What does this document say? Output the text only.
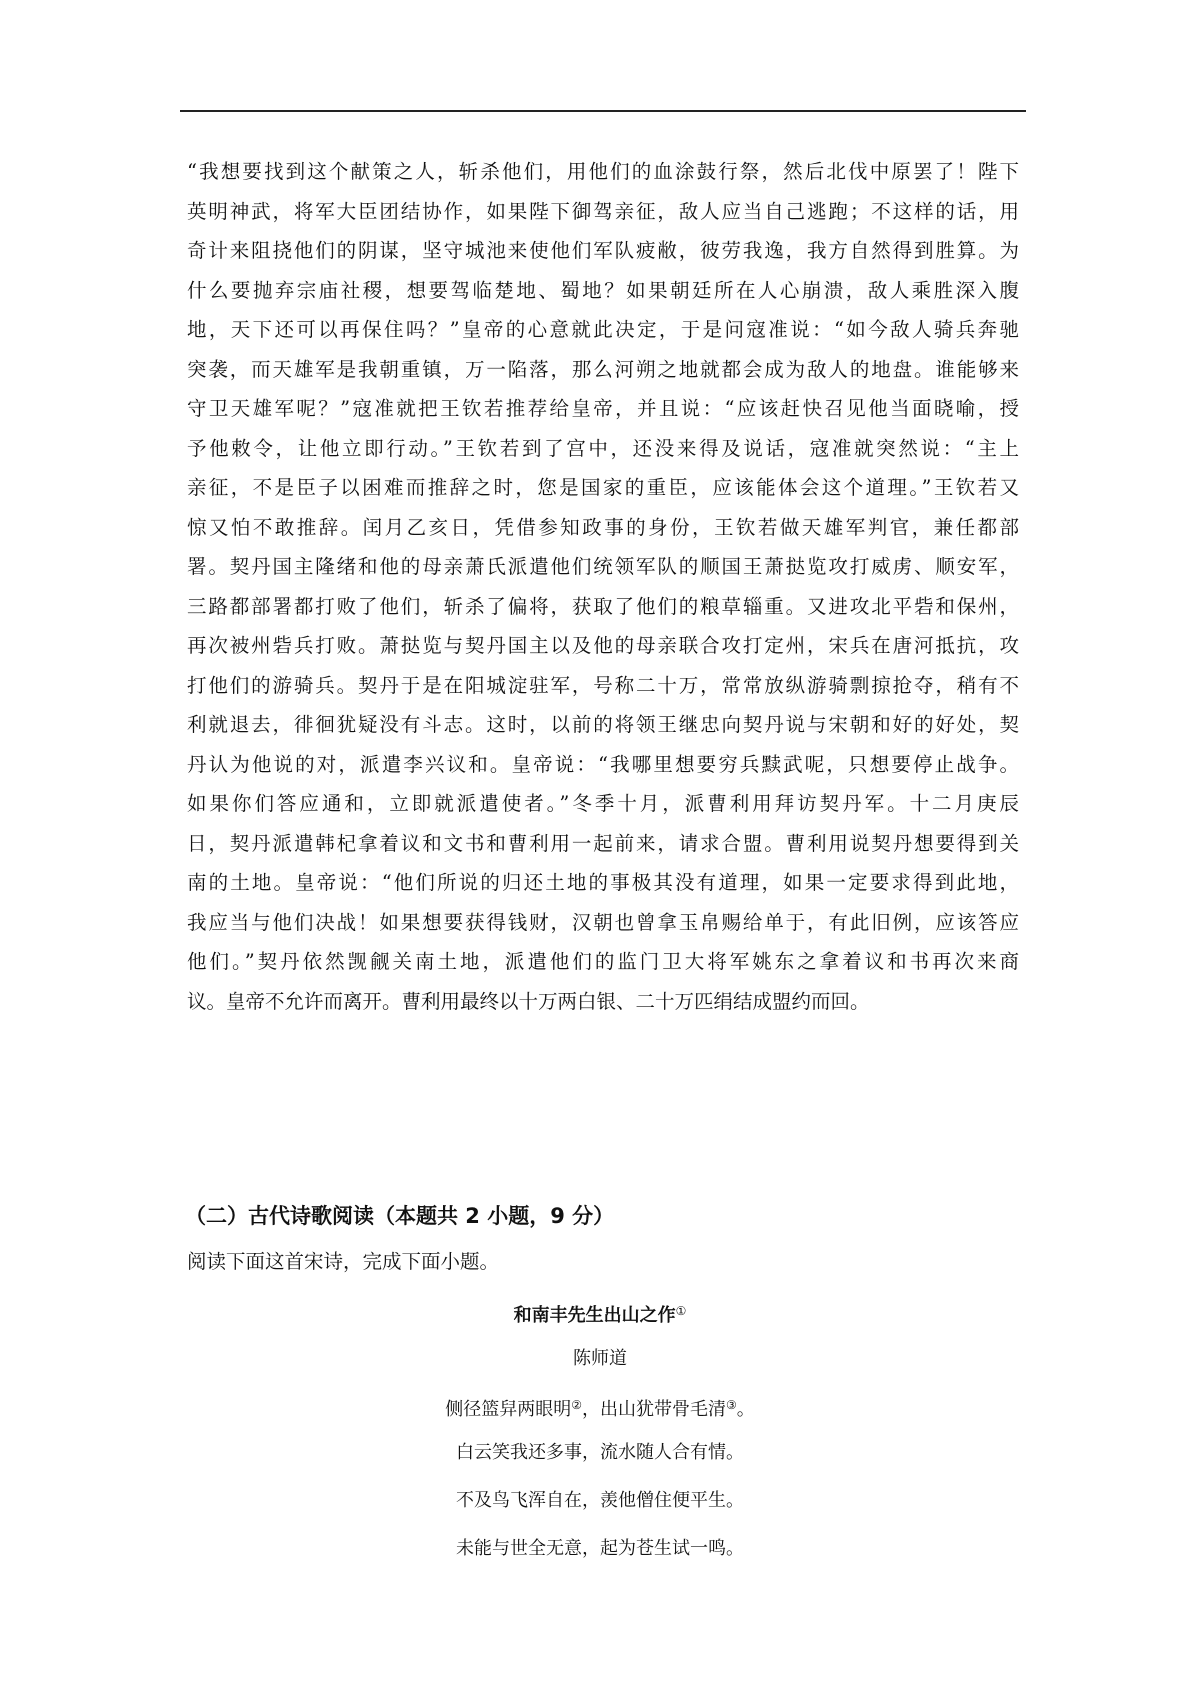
“我想要找到这个献策之人，斩杀他们，用他们的血涂鼓行祭，然后北伐中原罢了！陛下
英明神武，将军大臣团结协作，如果陛下御驾亲征，敌人应当自己逃跑；不这样的话，用
奇计来阻挠他们的阴谋，坚守城池来使他们军队疲敝，彼劳我逸，我方自然得到胜算。为
什么要抛弃宗庙社稷，想要驾临楚地、蜀地？如果朝廷所在人心崩溃，敌人乘胜深入腹
地，天下还可以再保住吗？”皇帝的心意就此决定，于是问寇准说：“如今敌人骑兵奔驰
突袭，而天雄军是我朝重镇，万一陷落，那么河朔之地就都会成为敌人的地盘。谁能够来
守卫天雄军呢？”寇准就把王钦若推荐给皇帝，并且说：“应该赶快召见他当面晓喻，授
予他敕令，让他立即行动。”王钦若到了宫中，还没来得及说话，寇准就突然说：“主上
亲征，不是臣子以困难而推辞之时，您是国家的重臣，应该能体会这个道理。”王钦若又
惊又怕不敢推辞。闰月乙亥日，凭借参知政事的身份，王钦若做天雄军判官，兼任都部
署。契丹国主隆绪和他的母亲萧氏派遣他们统领军队的顺国王萧挞览攻打威虏、顺安军，
三路都部署都打败了他们，斩杀了偏将，获取了他们的粮草辎重。又进攻北平砦和保州，
再次被州砦兵打败。萧挞览与契丹国主以及他的母亲联合攻打定州，宋兵在唐河抵抗，攻
打他们的游骑兵。契丹于是在阳城淀驻军，号称二十万，常常放纵游骑剽掠抢夺，稍有不
利就退去，徘徊犹疑没有斗志。这时，以前的将领王继忠向契丹说与宋朝和好的好处，契
丹认为他说的对，派遣李兴议和。皇帝说：“我哪里想要穷兵黩武呢，只想要停止战争。
如果你们答应通和，立即就派遣使者。”冬季十月，派曹利用拜访契丹军。十二月庚辰
日，契丹派遣韩杞拿着议和文书和曹利用一起前来，请求合盟。曹利用说契丹想要得到关
南的土地。皇帝说：“他们所说的归还土地的事极其没有道理，如果一定要求得到此地，
我应当与他们决战！如果想要获得钱财，汉朝也曾拿玉帛赐给单于，有此旧例，应该答应
他们。”契丹依然觊觎关南土地，派遣他们的监门卫大将军姚东之拿着议和书再次来商
议。皇帝不允许而离开。曹利用最终以十万两白银、二十万匹绢结成盟约而回。
（二）古代诗歌阅读（本题共 2 小题，9 分）
阅读下面这首宋诗，完成下面小题。
和南丰先生出山之作①
陈师道
侧径篮舁两眼明②，出山犹带骨毛清③。
白云笑我还多事，流水随人合有情。
不及鸟飞浑自在，羡他僧住便平生。
未能与世全无意，起为苍生试一鸣。
